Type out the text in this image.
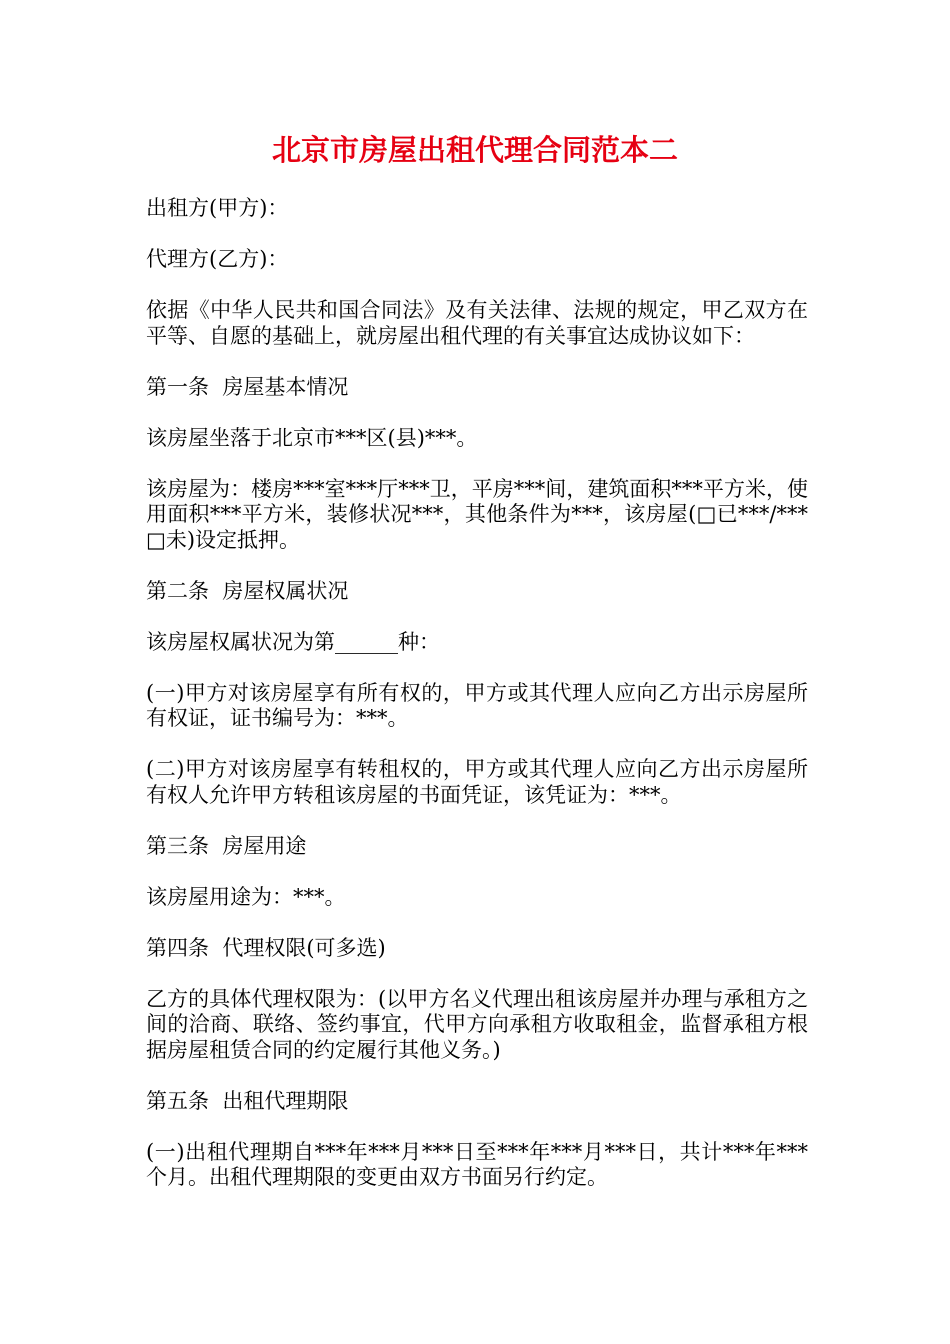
北京市房屋出租代理合同范本二

出租方(甲方)：

代理方(乙方)：

依据《中华人民共和国合同法》及有关法律、法规的规定，甲乙双方在平等、自愿的基础上，就房屋出租代理的有关事宜达成协议如下：

第一条  房屋基本情况

该房屋坐落于北京市***区(县)***。

该房屋为：楼房***室***厅***卫，平房***间，建筑面积***平方米，使用面积***平方米，装修状况***，其他条件为***，该房屋(□已***/***□未)设定抵押。

第二条  房屋权属状况

该房屋权属状况为第______种：

(一)甲方对该房屋享有所有权的，甲方或其代理人应向乙方出示房屋所有权证，证书编号为：***。

(二)甲方对该房屋享有转租权的，甲方或其代理人应向乙方出示房屋所有权人允许甲方转租该房屋的书面凭证，该凭证为：***。

第三条  房屋用途

该房屋用途为：***。

第四条  代理权限(可多选)

乙方的具体代理权限为：(以甲方名义代理出租该房屋并办理与承租方之间的洽商、联络、签约事宜，代甲方向承租方收取租金，监督承租方根据房屋租赁合同的约定履行其他义务。)

第五条  出租代理期限

(一)出租代理期自***年***月***日至***年***月***日，共计***年***个月。出租代理期限的变更由双方书面另行约定。
